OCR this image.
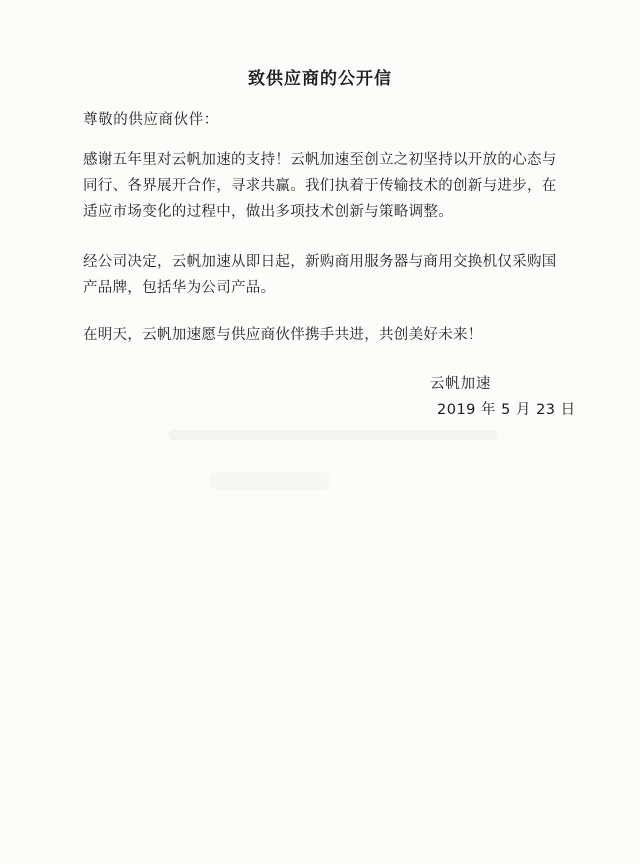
致供应商的公开信
尊敬的供应商伙伴：
感谢五年里对云帆加速的支持！云帆加速至创立之初坚持以开放的心态与
同行、各界展开合作，寻求共赢。我们执着于传输技术的创新与进步，在
适应市场变化的过程中，做出多项技术创新与策略调整。
经公司决定，云帆加速从即日起，新购商用服务器与商用交换机仅采购国
产品牌，包括华为公司产品。
在明天，云帆加速愿与供应商伙伴携手共进，共创美好未来！
云帆加速
2019 年 5 月 23 日
